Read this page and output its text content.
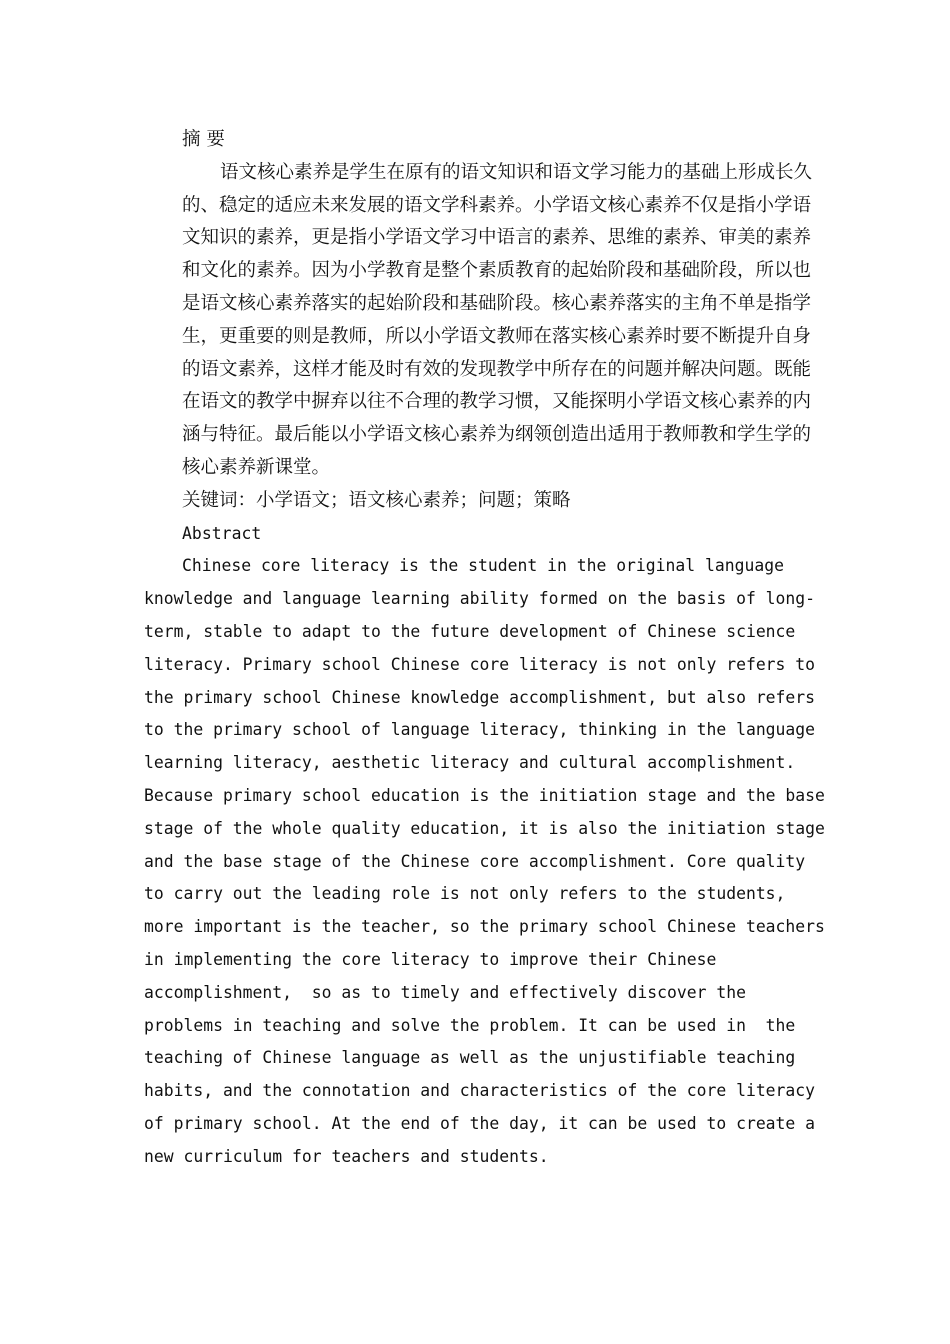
摘 要

语文核心素养是学生在原有的语文知识和语文学习能力的基础上形成长久
的、稳定的适应未来发展的语文学科素养。小学语文核心素养不仅是指小学语
文知识的素养，更是指小学语文学习中语言的素养、思维的素养、审美的素养
和文化的素养。因为小学教育是整个素质教育的起始阶段和基础阶段，所以也
是语文核心素养落实的起始阶段和基础阶段。核心素养落实的主角不单是指学
生，更重要的则是教师，所以小学语文教师在落实核心素养时要不断提升自身
的语文素养，这样才能及时有效的发现教学中所存在的问题并解决问题。既能
在语文的教学中摒弃以往不合理的教学习惯，又能探明小学语文核心素养的内
涵与特征。最后能以小学语文核心素养为纲领创造出适用于教师教和学生学的
核心素养新课堂。

关键词：小学语文；语文核心素养；问题；策略

Abstract

Chinese core literacy is the student in the original language
knowledge and language learning ability formed on the basis of long-
term, stable to adapt to the future development of Chinese science
literacy. Primary school Chinese core literacy is not only refers to
the primary school Chinese knowledge accomplishment, but also refers
to the primary school of language literacy, thinking in the language
learning literacy, aesthetic literacy and cultural accomplishment.
Because primary school education is the initiation stage and the base
stage of the whole quality education, it is also the initiation stage
and the base stage of the Chinese core accomplishment. Core quality
to carry out the leading role is not only refers to the students,
more important is the teacher, so the primary school Chinese teachers
in implementing the core literacy to improve their Chinese
accomplishment,  so as to timely and effectively discover the
problems in teaching and solve the problem. It can be used in  the
teaching of Chinese language as well as the unjustifiable teaching
habits, and the connotation and characteristics of the core literacy
of primary school. At the end of the day, it can be used to create a
new curriculum for teachers and students.
